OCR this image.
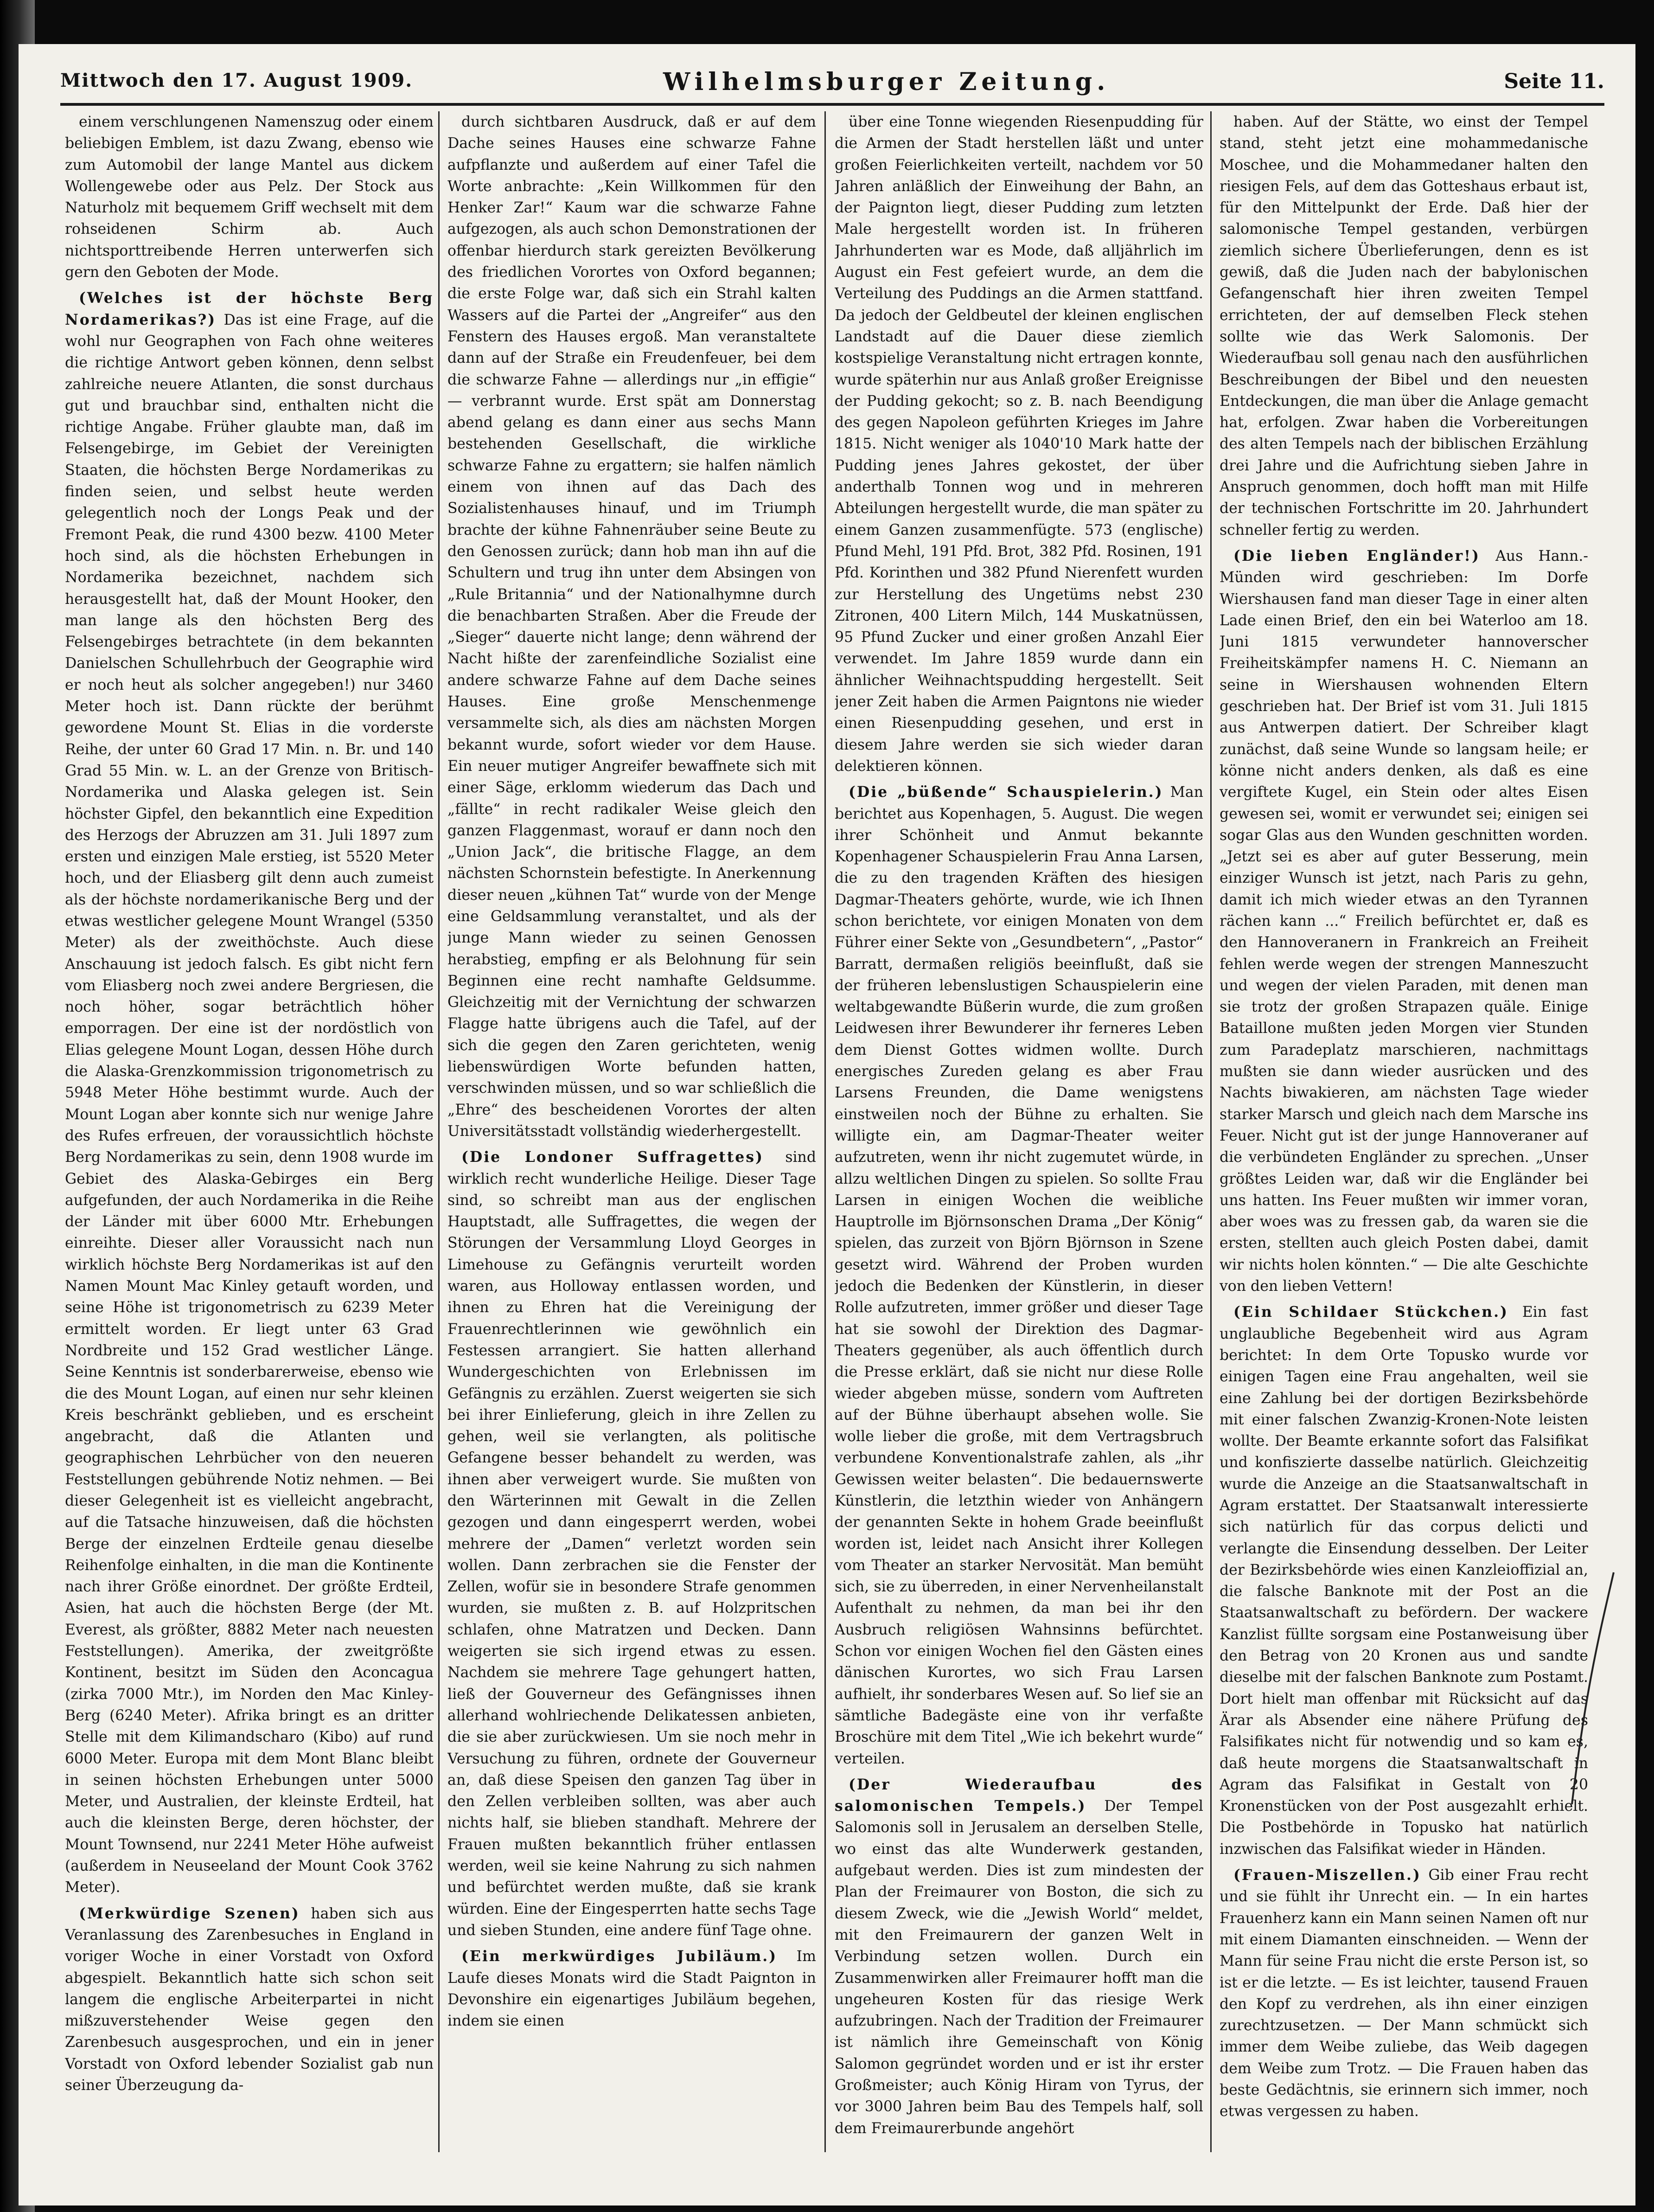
Mittwoch den 17. August 1909.	Wilhelmsburger Zeitung.	Seite 11.

einem verschlungenen Namenszug oder einem beliebigen Emblem, ist dazu Zwang, ebenso wie zum Automobil der lange Mantel aus dickem Wollengewebe oder aus Pelz. Der Stock aus Naturholz mit bequemem Griff wechselt mit dem rohseidenen Schirm ab. Auch nichtsporttreibende Herren unterwerfen sich gern den Geboten der Mode.

(Welches ist der höchste Berg Nordamerikas?) Das ist eine Frage, auf die wohl nur Geographen von Fach ohne weiteres die richtige Antwort geben können, denn selbst zahlreiche neuere Atlanten, die sonst durchaus gut und brauchbar sind, enthalten nicht die richtige Angabe. Früher glaubte man, daß im Felsengebirge, im Gebiet der Vereinigten Staaten, die höchsten Berge Nordamerikas zu finden seien, und selbst heute werden gelegentlich noch der Longs Peak und der Fremont Peak, die rund 4300 bezw. 4100 Meter hoch sind, als die höchsten Erhebungen in Nordamerika bezeichnet, nachdem sich herausgestellt hat, daß der Mount Hooker, den man lange als den höchsten Berg des Felsengebirges betrachtete (in dem bekannten Danielschen Schullehrbuch der Geographie wird er noch heut als solcher angegeben!) nur 3460 Meter hoch ist. Dann rückte der berühmt gewordene Mount St. Elias in die vorderste Reihe, der unter 60 Grad 17 Min. n. Br. und 140 Grad 55 Min. w. L. an der Grenze von Britisch-Nordamerika und Alaska gelegen ist. Sein höchster Gipfel, den bekanntlich eine Expedition des Herzogs der Abruzzen am 31. Juli 1897 zum ersten und einzigen Male erstieg, ist 5520 Meter hoch, und der Eliasberg gilt denn auch zumeist als der höchste nordamerikanische Berg und der etwas westlicher gelegene Mount Wrangel (5350 Meter) als der zweithöchste. Auch diese Anschauung ist jedoch falsch. Es gibt nicht fern vom Eliasberg noch zwei andere Bergriesen, die noch höher, sogar beträchtlich höher emporragen. Der eine ist der nordöstlich von Elias gelegene Mount Logan, dessen Höhe durch die Alaska-Grenzkommission trigonometrisch zu 5948 Meter Höhe bestimmt wurde. Auch der Mount Logan aber konnte sich nur wenige Jahre des Rufes erfreuen, der voraussichtlich höchste Berg Nordamerikas zu sein, denn 1908 wurde im Gebiet des Alaska-Gebirges ein Berg aufgefunden, der auch Nordamerika in die Reihe der Länder mit über 6000 Mtr. Erhebungen einreihte. Dieser aller Voraussicht nach nun wirklich höchste Berg Nordamerikas ist auf den Namen Mount Mac Kinley getauft worden, und seine Höhe ist trigonometrisch zu 6239 Meter ermittelt worden. Er liegt unter 63 Grad Nordbreite und 152 Grad westlicher Länge. Seine Kenntnis ist sonderbarerweise, ebenso wie die des Mount Logan, auf einen nur sehr kleinen Kreis beschränkt geblieben, und es erscheint angebracht, daß die Atlanten und geographischen Lehrbücher von den neueren Feststellungen gebührende Notiz nehmen. — Bei dieser Gelegenheit ist es vielleicht angebracht, auf die Tatsache hinzuweisen, daß die höchsten Berge der einzelnen Erdteile genau dieselbe Reihenfolge einhalten, in die man die Kontinente nach ihrer Größe einordnet. Der größte Erdteil, Asien, hat auch die höchsten Berge (der Mt. Everest, als größter, 8882 Meter nach neuesten Feststellungen). Amerika, der zweitgrößte Kontinent, besitzt im Süden den Aconcagua (zirka 7000 Mtr.), im Norden den Mac Kinley-Berg (6240 Meter). Afrika bringt es an dritter Stelle mit dem Kilimandscharo (Kibo) auf rund 6000 Meter. Europa mit dem Mont Blanc bleibt in seinen höchsten Erhebungen unter 5000 Meter, und Australien, der kleinste Erdteil, hat auch die kleinsten Berge, deren höchster, der Mount Townsend, nur 2241 Meter Höhe aufweist (außerdem in Neuseeland der Mount Cook 3762 Meter).

(Merkwürdige Szenen) haben sich aus Veranlassung des Zarenbesuches in England in voriger Woche in einer Vorstadt von Oxford abgespielt. Bekanntlich hatte sich schon seit langem die englische Arbeiterpartei in nicht mißzuverstehender Weise gegen den Zarenbesuch ausgesprochen, und ein in jener Vorstadt von Oxford lebender Sozialist gab nun seiner Überzeugung da-

durch sichtbaren Ausdruck, daß er auf dem Dache seines Hauses eine schwarze Fahne aufpflanzte und außerdem auf einer Tafel die Worte anbrachte: „Kein Willkommen für den Henker Zar!“ Kaum war die schwarze Fahne aufgezogen, als auch schon Demonstrationen der offenbar hierdurch stark gereizten Bevölkerung des friedlichen Vorortes von Oxford begannen; die erste Folge war, daß sich ein Strahl kalten Wassers auf die Partei der „Angreifer“ aus den Fenstern des Hauses ergoß. Man veranstaltete dann auf der Straße ein Freudenfeuer, bei dem die schwarze Fahne — allerdings nur „in effigie“ — verbrannt wurde. Erst spät am Donnerstag abend gelang es dann einer aus sechs Mann bestehenden Gesellschaft, die wirkliche schwarze Fahne zu ergattern; sie halfen nämlich einem von ihnen auf das Dach des Sozialistenhauses hinauf, und im Triumph brachte der kühne Fahnenräuber seine Beute zu den Genossen zurück; dann hob man ihn auf die Schultern und trug ihn unter dem Absingen von „Rule Britannia“ und der Nationalhymne durch die benachbarten Straßen. Aber die Freude der „Sieger“ dauerte nicht lange; denn während der Nacht hißte der zarenfeindliche Sozialist eine andere schwarze Fahne auf dem Dache seines Hauses. Eine große Menschenmenge versammelte sich, als dies am nächsten Morgen bekannt wurde, sofort wieder vor dem Hause. Ein neuer mutiger Angreifer bewaffnete sich mit einer Säge, erklomm wiederum das Dach und „fällte“ in recht radikaler Weise gleich den ganzen Flaggenmast, worauf er dann noch den „Union Jack“, die britische Flagge, an dem nächsten Schornstein befestigte. In Anerkennung dieser neuen „kühnen Tat“ wurde von der Menge eine Geldsammlung veranstaltet, und als der junge Mann wieder zu seinen Genossen herabstieg, empfing er als Belohnung für sein Beginnen eine recht namhafte Geldsumme. Gleichzeitig mit der Vernichtung der schwarzen Flagge hatte übrigens auch die Tafel, auf der sich die gegen den Zaren gerichteten, wenig liebenswürdigen Worte befunden hatten, verschwinden müssen, und so war schließlich die „Ehre“ des bescheidenen Vorortes der alten Universitätsstadt vollständig wiederhergestellt.

(Die Londoner Suffragettes) sind wirklich recht wunderliche Heilige. Dieser Tage sind, so schreibt man aus der englischen Hauptstadt, alle Suffragettes, die wegen der Störungen der Versammlung Lloyd Georges in Limehouse zu Gefängnis verurteilt worden waren, aus Holloway entlassen worden, und ihnen zu Ehren hat die Vereinigung der Frauenrechtlerinnen wie gewöhnlich ein Festessen arrangiert. Sie hatten allerhand Wundergeschichten von Erlebnissen im Gefängnis zu erzählen. Zuerst weigerten sie sich bei ihrer Einlieferung, gleich in ihre Zellen zu gehen, weil sie verlangten, als politische Gefangene besser behandelt zu werden, was ihnen aber verweigert wurde. Sie mußten von den Wärterinnen mit Gewalt in die Zellen gezogen und dann eingesperrt werden, wobei mehrere der „Damen“ verletzt worden sein wollen. Dann zerbrachen sie die Fenster der Zellen, wofür sie in besondere Strafe genommen wurden, sie mußten z. B. auf Holzpritschen schlafen, ohne Matratzen und Decken. Dann weigerten sie sich irgend etwas zu essen. Nachdem sie mehrere Tage gehungert hatten, ließ der Gouverneur des Gefängnisses ihnen allerhand wohlriechende Delikatessen anbieten, die sie aber zurückwiesen. Um sie noch mehr in Versuchung zu führen, ordnete der Gouverneur an, daß diese Speisen den ganzen Tag über in den Zellen verbleiben sollten, was aber auch nichts half, sie blieben standhaft. Mehrere der Frauen mußten bekanntlich früher entlassen werden, weil sie keine Nahrung zu sich nahmen und befürchtet werden mußte, daß sie krank würden. Eine der Eingesperrten hatte sechs Tage und sieben Stunden, eine andere fünf Tage ohne.

(Ein merkwürdiges Jubiläum.) Im Laufe dieses Monats wird die Stadt Paignton in Devonshire ein eigenartiges Jubiläum begehen, indem sie einen

über eine Tonne wiegenden Riesenpudding für die Armen der Stadt herstellen läßt und unter großen Feierlichkeiten verteilt, nachdem vor 50 Jahren anläßlich der Einweihung der Bahn, an der Paignton liegt, dieser Pudding zum letzten Male hergestellt worden ist. In früheren Jahrhunderten war es Mode, daß alljährlich im August ein Fest gefeiert wurde, an dem die Verteilung des Puddings an die Armen stattfand. Da jedoch der Geldbeutel der kleinen englischen Landstadt auf die Dauer diese ziemlich kostspielige Veranstaltung nicht ertragen konnte, wurde späterhin nur aus Anlaß großer Ereignisse der Pudding gekocht; so z. B. nach Beendigung des gegen Napoleon geführten Krieges im Jahre 1815. Nicht weniger als 1040'10 Mark hatte der Pudding jenes Jahres gekostet, der über anderthalb Tonnen wog und in mehreren Abteilungen hergestellt wurde, die man später zu einem Ganzen zusammenfügte. 573 (englische) Pfund Mehl, 191 Pfd. Brot, 382 Pfd. Rosinen, 191 Pfd. Korinthen und 382 Pfund Nierenfett wurden zur Herstellung des Ungetüms nebst 230 Zitronen, 400 Litern Milch, 144 Muskatnüssen, 95 Pfund Zucker und einer großen Anzahl Eier verwendet. Im Jahre 1859 wurde dann ein ähnlicher Weihnachtspudding hergestellt. Seit jener Zeit haben die Armen Paigntons nie wieder einen Riesenpudding gesehen, und erst in diesem Jahre werden sie sich wieder daran delektieren können.

(Die „büßende“ Schauspielerin.) Man berichtet aus Kopenhagen, 5. August. Die wegen ihrer Schönheit und Anmut bekannte Kopenhagener Schauspielerin Frau Anna Larsen, die zu den tragenden Kräften des hiesigen Dagmar-Theaters gehörte, wurde, wie ich Ihnen schon berichtete, vor einigen Monaten von dem Führer einer Sekte von „Gesundbetern“, „Pastor“ Barratt, dermaßen religiös beeinflußt, daß sie der früheren lebenslustigen Schauspielerin eine weltabgewandte Büßerin wurde, die zum großen Leidwesen ihrer Bewunderer ihr ferneres Leben dem Dienst Gottes widmen wollte. Durch energisches Zureden gelang es aber Frau Larsens Freunden, die Dame wenigstens einstweilen noch der Bühne zu erhalten. Sie willigte ein, am Dagmar-Theater weiter aufzutreten, wenn ihr nicht zugemutet würde, in allzu weltlichen Dingen zu spielen. So sollte Frau Larsen in einigen Wochen die weibliche Hauptrolle im Björnsonschen Drama „Der König“ spielen, das zurzeit von Björn Björnson in Szene gesetzt wird. Während der Proben wurden jedoch die Bedenken der Künstlerin, in dieser Rolle aufzutreten, immer größer und dieser Tage hat sie sowohl der Direktion des Dagmar-Theaters gegenüber, als auch öffentlich durch die Presse erklärt, daß sie nicht nur diese Rolle wieder abgeben müsse, sondern vom Auftreten auf der Bühne überhaupt absehen wolle. Sie wolle lieber die große, mit dem Vertragsbruch verbundene Konventionalstrafe zahlen, als „ihr Gewissen weiter belasten“. Die bedauernswerte Künstlerin, die letzthin wieder von Anhängern der genannten Sekte in hohem Grade beeinflußt worden ist, leidet nach Ansicht ihrer Kollegen vom Theater an starker Nervosität. Man bemüht sich, sie zu überreden, in einer Nervenheilanstalt Aufenthalt zu nehmen, da man bei ihr den Ausbruch religiösen Wahnsinns befürchtet. Schon vor einigen Wochen fiel den Gästen eines dänischen Kurortes, wo sich Frau Larsen aufhielt, ihr sonderbares Wesen auf. So lief sie an sämtliche Badegäste eine von ihr verfaßte Broschüre mit dem Titel „Wie ich bekehrt wurde“ verteilen.

(Der Wiederaufbau des salomonischen Tempels.) Der Tempel Salomonis soll in Jerusalem an derselben Stelle, wo einst das alte Wunderwerk gestanden, aufgebaut werden. Dies ist zum mindesten der Plan der Freimaurer von Boston, die sich zu diesem Zweck, wie die „Jewish World“ meldet, mit den Freimaurern der ganzen Welt in Verbindung setzen wollen. Durch ein Zusammenwirken aller Freimaurer hofft man die ungeheuren Kosten für das riesige Werk aufzubringen. Nach der Tradition der Freimaurer ist nämlich ihre Gemeinschaft von König Salomon gegründet worden und er ist ihr erster Großmeister; auch König Hiram von Tyrus, der vor 3000 Jahren beim Bau des Tempels half, soll dem Freimaurerbunde angehört

haben. Auf der Stätte, wo einst der Tempel stand, steht jetzt eine mohammedanische Moschee, und die Mohammedaner halten den riesigen Fels, auf dem das Gotteshaus erbaut ist, für den Mittelpunkt der Erde. Daß hier der salomonische Tempel gestanden, verbürgen ziemlich sichere Überlieferungen, denn es ist gewiß, daß die Juden nach der babylonischen Gefangenschaft hier ihren zweiten Tempel errichteten, der auf demselben Fleck stehen sollte wie das Werk Salomonis. Der Wiederaufbau soll genau nach den ausführlichen Beschreibungen der Bibel und den neuesten Entdeckungen, die man über die Anlage gemacht hat, erfolgen. Zwar haben die Vorbereitungen des alten Tempels nach der biblischen Erzählung drei Jahre und die Aufrichtung sieben Jahre in Anspruch genommen, doch hofft man mit Hilfe der technischen Fortschritte im 20. Jahrhundert schneller fertig zu werden.

(Die lieben Engländer!) Aus Hann.-Münden wird geschrieben: Im Dorfe Wiershausen fand man dieser Tage in einer alten Lade einen Brief, den ein bei Waterloo am 18. Juni 1815 verwundeter hannoverscher Freiheitskämpfer namens H. C. Niemann an seine in Wiershausen wohnenden Eltern geschrieben hat. Der Brief ist vom 31. Juli 1815 aus Antwerpen datiert. Der Schreiber klagt zunächst, daß seine Wunde so langsam heile; er könne nicht anders denken, als daß es eine vergiftete Kugel, ein Stein oder altes Eisen gewesen sei, womit er verwundet sei; einigen sei sogar Glas aus den Wunden geschnitten worden. „Jetzt sei es aber auf guter Besserung, mein einziger Wunsch ist jetzt, nach Paris zu gehn, damit ich mich wieder etwas an den Tyrannen rächen kann ...“ Freilich befürchtet er, daß es den Hannoveranern in Frankreich an Freiheit fehlen werde wegen der strengen Manneszucht und wegen der vielen Paraden, mit denen man sie trotz der großen Strapazen quäle. Einige Bataillone mußten jeden Morgen vier Stunden zum Paradeplatz marschieren, nachmittags mußten sie dann wieder ausrücken und des Nachts biwakieren, am nächsten Tage wieder starker Marsch und gleich nach dem Marsche ins Feuer. Nicht gut ist der junge Hannoveraner auf die verbündeten Engländer zu sprechen. „Unser größtes Leiden war, daß wir die Engländer bei uns hatten. Ins Feuer mußten wir immer voran, aber woes was zu fressen gab, da waren sie die ersten, stellten auch gleich Posten dabei, damit wir nichts holen könnten.“ — Die alte Geschichte von den lieben Vettern!

(Ein Schildaer Stückchen.) Ein fast unglaubliche Begebenheit wird aus Agram berichtet: In dem Orte Topusko wurde vor einigen Tagen eine Frau angehalten, weil sie eine Zahlung bei der dortigen Bezirksbehörde mit einer falschen Zwanzig-Kronen-Note leisten wollte. Der Beamte erkannte sofort das Falsifikat und konfiszierte dasselbe natürlich. Gleichzeitig wurde die Anzeige an die Staatsanwaltschaft in Agram erstattet. Der Staatsanwalt interessierte sich natürlich für das corpus delicti und verlangte die Einsendung desselben. Der Leiter der Bezirksbehörde wies einen Kanzleioffizial an, die falsche Banknote mit der Post an die Staatsanwaltschaft zu befördern. Der wackere Kanzlist füllte sorgsam eine Postanweisung über den Betrag von 20 Kronen aus und sandte dieselbe mit der falschen Banknote zum Postamt. Dort hielt man offenbar mit Rücksicht auf das Ärar als Absender eine nähere Prüfung des Falsifikates nicht für notwendig und so kam es, daß heute morgens die Staatsanwaltschaft in Agram das Falsifikat in Gestalt von 20 Kronenstücken von der Post ausgezahlt erhielt. Die Postbehörde in Topusko hat natürlich inzwischen das Falsifikat wieder in Händen.

(Frauen-Miszellen.) Gib einer Frau recht und sie fühlt ihr Unrecht ein. — In ein hartes Frauenherz kann ein Mann seinen Namen oft nur mit einem Diamanten einschneiden. — Wenn der Mann für seine Frau nicht die erste Person ist, so ist er die letzte. — Es ist leichter, tausend Frauen den Kopf zu verdrehen, als ihn einer einzigen zurechtzusetzen. — Der Mann schmückt sich immer dem Weibe zuliebe, das Weib dagegen dem Weibe zum Trotz. — Die Frauen haben das beste Gedächtnis, sie erinnern sich immer, noch etwas vergessen zu haben.
